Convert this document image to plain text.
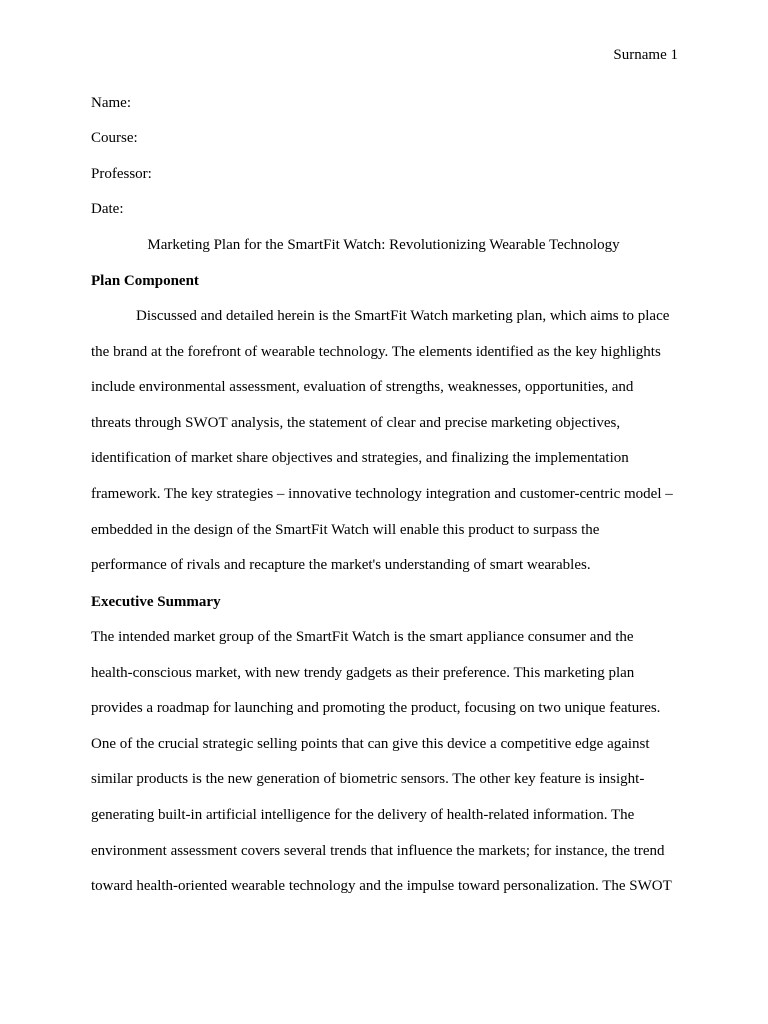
Surname 1
Name:
Course:
Professor:
Date:
Marketing Plan for the SmartFit Watch: Revolutionizing Wearable Technology
Plan Component
Discussed and detailed herein is the SmartFit Watch marketing plan, which aims to place
the brand at the forefront of wearable technology. The elements identified as the key highlights
include environmental assessment, evaluation of strengths, weaknesses, opportunities, and
threats through SWOT analysis, the statement of clear and precise marketing objectives,
identification of market share objectives and strategies, and finalizing the implementation
framework. The key strategies – innovative technology integration and customer-centric model –
embedded in the design of the SmartFit Watch will enable this product to surpass the
performance of rivals and recapture the market's understanding of smart wearables.
Executive Summary
The intended market group of the SmartFit Watch is the smart appliance consumer and the
health-conscious market, with new trendy gadgets as their preference. This marketing plan
provides a roadmap for launching and promoting the product, focusing on two unique features.
One of the crucial strategic selling points that can give this device a competitive edge against
similar products is the new generation of biometric sensors. The other key feature is insight-
generating built-in artificial intelligence for the delivery of health-related information. The
environment assessment covers several trends that influence the markets; for instance, the trend
toward health-oriented wearable technology and the impulse toward personalization. The SWOT
